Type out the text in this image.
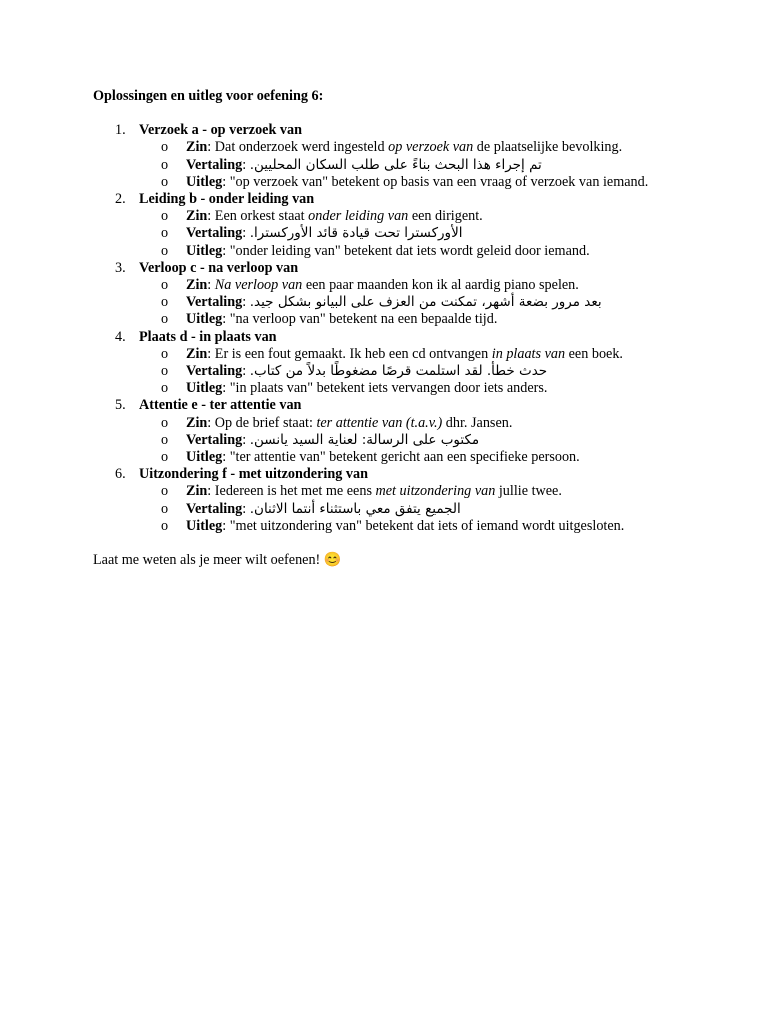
Oplossingen en uitleg voor oefening 6:

1. Verzoek a - op verzoek van
o Zin: Dat onderzoek werd ingesteld op verzoek van de plaatselijke bevolking.
o Vertaling: تم إجراء هذا البحث بناءً على طلب السكان المحليين.
o Uitleg: "op verzoek van" betekent op basis van een vraag of verzoek van iemand.
2. Leiding b - onder leiding van
o Zin: Een orkest staat onder leiding van een dirigent.
o Vertaling: الأوركسترا تحت قيادة قائد الأوركسترا.
o Uitleg: "onder leiding van" betekent dat iets wordt geleid door iemand.
3. Verloop c - na verloop van
o Zin: Na verloop van een paar maanden kon ik al aardig piano spelen.
o Vertaling: بعد مرور بضعة أشهر، تمكنت من العزف على البيانو بشكل جيد.
o Uitleg: "na verloop van" betekent na een bepaalde tijd.
4. Plaats d - in plaats van
o Zin: Er is een fout gemaakt. Ik heb een cd ontvangen in plaats van een boek.
o Vertaling: حدث خطأ. لقد استلمت قرصًا مضغوطًا بدلاً من كتاب.
o Uitleg: "in plaats van" betekent iets vervangen door iets anders.
5. Attentie e - ter attentie van
o Zin: Op de brief staat: ter attentie van (t.a.v.) dhr. Jansen.
o Vertaling: مكتوب على الرسالة: لعناية السيد يانسن.
o Uitleg: "ter attentie van" betekent gericht aan een specifieke persoon.
6. Uitzondering f - met uitzondering van
o Zin: Iedereen is het met me eens met uitzondering van jullie twee.
o Vertaling: الجميع يتفق معي باستثناء أنتما الاثنان.
o Uitleg: "met uitzondering van" betekent dat iets of iemand wordt uitgesloten.

Laat me weten als je meer wilt oefenen! 😊
